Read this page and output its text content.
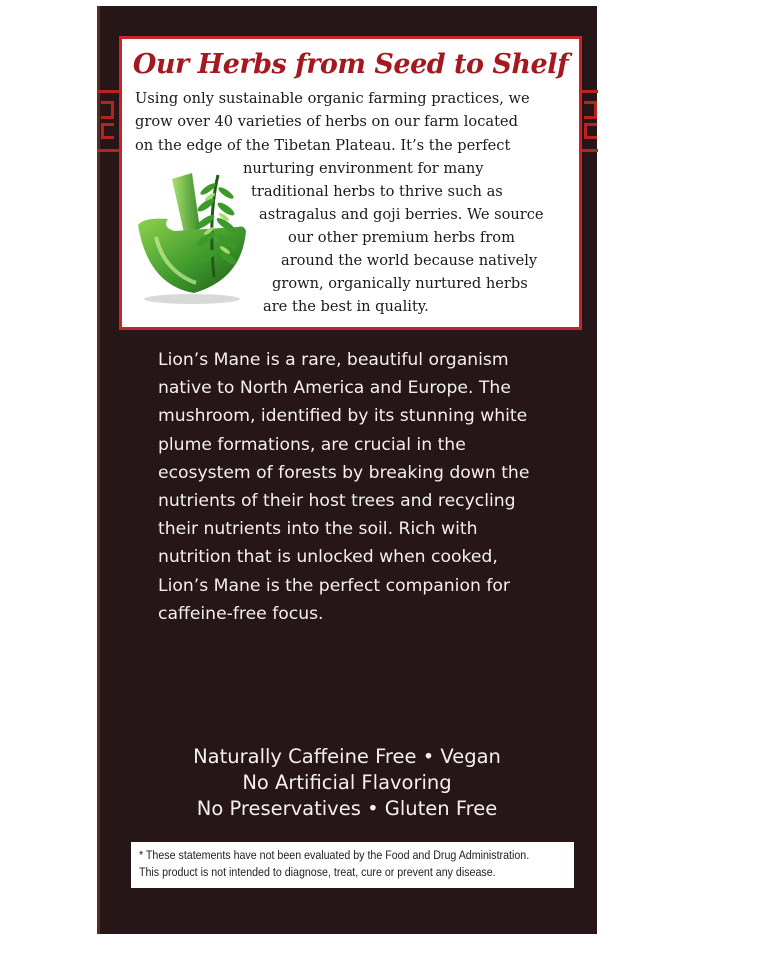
Our Herbs from Seed to Shelf
Using only sustainable organic farming practices, we
grow over 40 varieties of herbs on our farm located
on the edge of the Tibetan Plateau. It’s the perfect
nurturing environment for many
traditional herbs to thrive such as
astragalus and goji berries. We source
our other premium herbs from
around the world because natively
grown, organically nurtured herbs
are the best in quality.
Lion’s Mane is a rare, beautiful organism
native to North America and Europe. The
mushroom, identified by its stunning white
plume formations, are crucial in the
ecosystem of forests by breaking down the
nutrients of their host trees and recycling
their nutrients into the soil. Rich with
nutrition that is unlocked when cooked,
Lion’s Mane is the perfect companion for
caffeine-free focus.
Naturally Caffeine Free • Vegan
No Artificial Flavoring
No Preservatives • Gluten Free
* These statements have not been evaluated by the Food and Drug Administration.
This product is not intended to diagnose, treat, cure or prevent any disease.
